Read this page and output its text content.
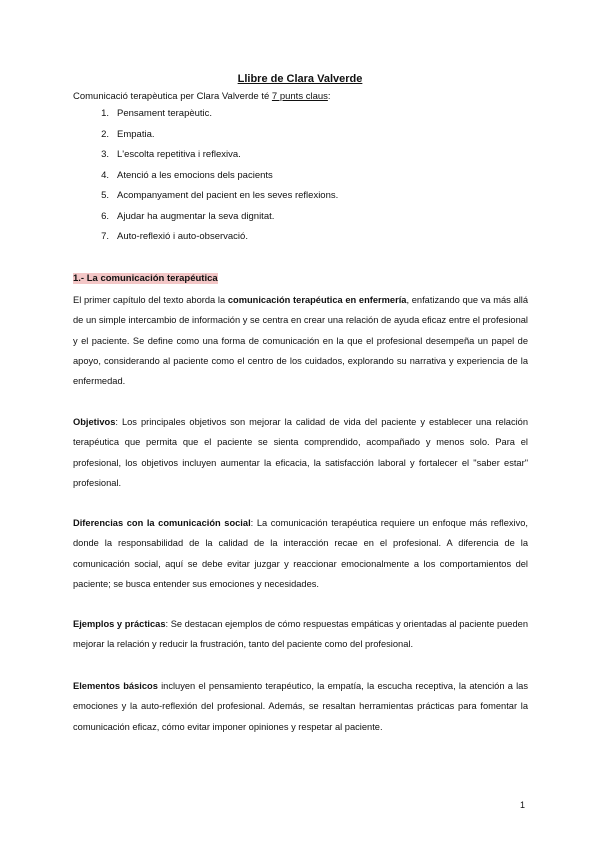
Llibre de Clara Valverde
Comunicació terapèutica per Clara Valverde té 7 punts claus:
1. Pensament terapèutic.
2. Empatia.
3. L'escolta repetitiva i reflexiva.
4. Atenció a les emocions dels pacients
5. Acompanyament del pacient en les seves reflexions.
6. Ajudar ha augmentar la seva dignitat.
7. Auto-reflexió i auto-observació.
1.- La comunicación terapéutica

El primer capítulo del texto aborda la comunicación terapéutica en enfermería, enfatizando que va más allá de un simple intercambio de información y se centra en crear una relación de ayuda eficaz entre el profesional y el paciente. Se define como una forma de comunicación en la que el profesional desempeña un papel de apoyo, considerando al paciente como el centro de los cuidados, explorando su narrativa y experiencia de la enfermedad.

Objetivos: Los principales objetivos son mejorar la calidad de vida del paciente y establecer una relación terapéutica que permita que el paciente se sienta comprendido, acompañado y menos solo. Para el profesional, los objetivos incluyen aumentar la eficacia, la satisfacción laboral y fortalecer el "saber estar" profesional.

Diferencias con la comunicación social: La comunicación terapéutica requiere un enfoque más reflexivo, donde la responsabilidad de la calidad de la interacción recae en el profesional. A diferencia de la comunicación social, aquí se debe evitar juzgar y reaccionar emocionalmente a los comportamientos del paciente; se busca entender sus emociones y necesidades.

Ejemplos y prácticas: Se destacan ejemplos de cómo respuestas empáticas y orientadas al paciente pueden mejorar la relación y reducir la frustración, tanto del paciente como del profesional.

Elementos básicos incluyen el pensamiento terapéutico, la empatía, la escucha receptiva, la atención a las emociones y la auto-reflexión del profesional. Además, se resaltan herramientas prácticas para fomentar la comunicación eficaz, cómo evitar imponer opiniones y respetar al paciente.

1
